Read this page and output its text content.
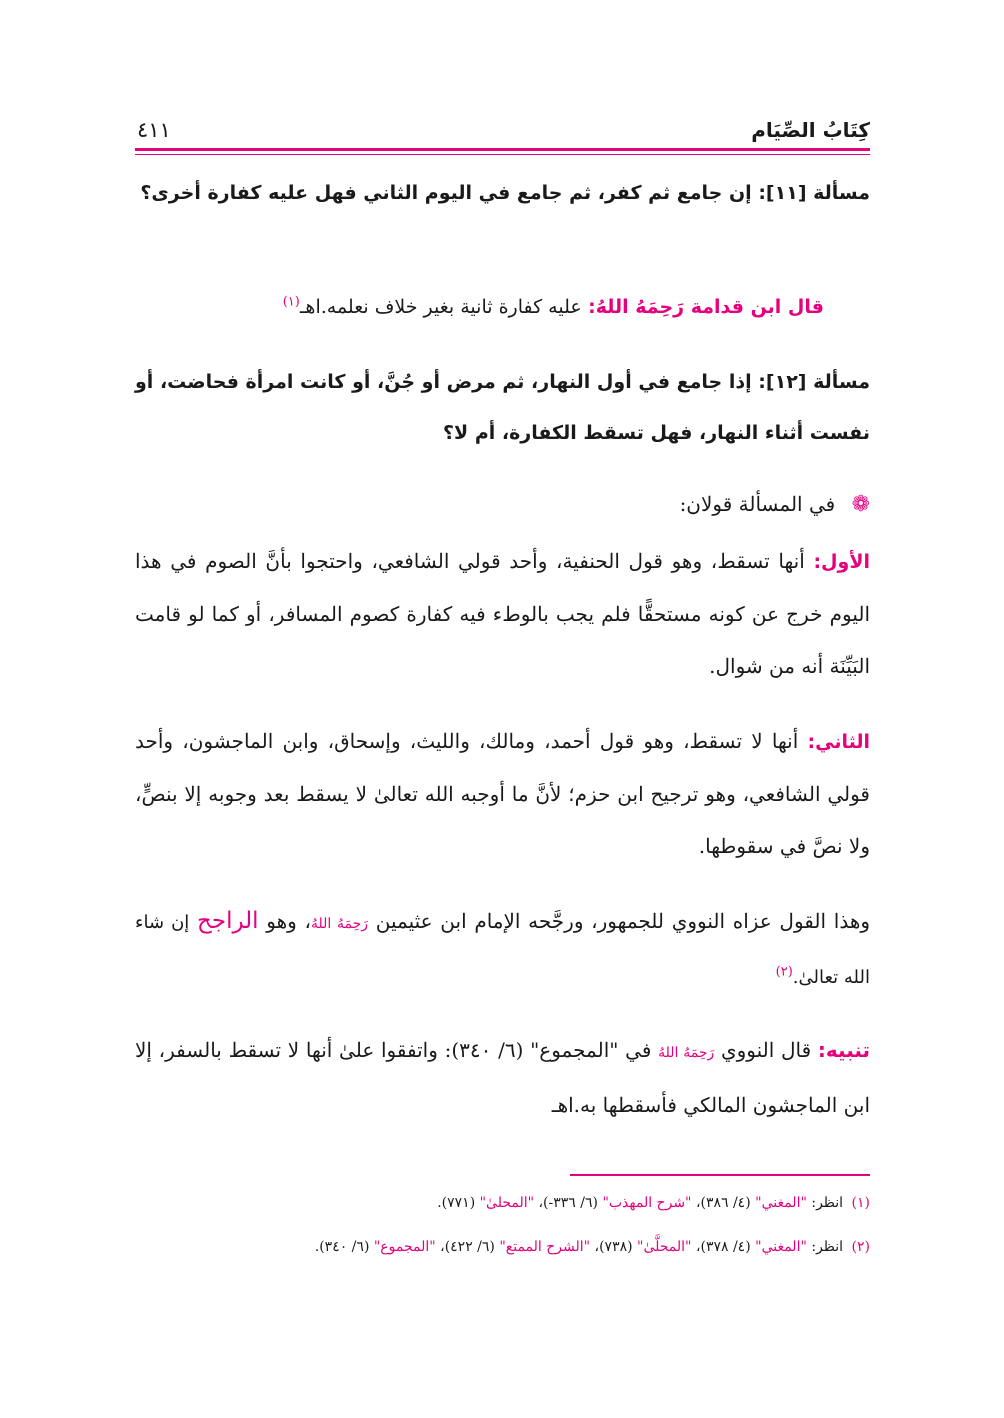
كِتَابُ الصِّيَام
٤١١
مسألة [١١]: إن جامع ثم كفر، ثم جامع في اليوم الثاني فهل عليه كفارة أخرى؟
قال ابن قدامة رَحِمَهُ اللهُ: عليه كفارة ثانية بغير خلاف نعلمه.اهـ$^{(١)}$
مسألة [١٢]: إذا جامع في أول النهار، ثم مرض أو جُنَّ، أو كانت امرأة فحاضت، أو نفست أثناء النهار، فهل تسقط الكفارة، أم لا؟
❁ في المسألة قولان:
الأول: أنها تسقط، وهو قول الحنفية، وأحد قولي الشافعي، واحتجوا بأنَّ الصوم في هذا اليوم خرج عن كونه مستحقًّا فلم يجب بالوطء فيه كفارة كصوم المسافر، أو كما لو قامت البَيِّنَة أنه من شوال.
الثاني: أنها لا تسقط، وهو قول أحمد، ومالك، والليث، وإسحاق، وابن الماجشون، وأحد قولي الشافعي، وهو ترجيح ابن حزم؛ لأنَّ ما أوجبه الله تعالىٰ لا يسقط بعد وجوبه إلا بنصٍّ، ولا نصَّ في سقوطها.
وهذا القول عزاه النووي للجمهور، ورجَّحه الإمام ابن عثيمين رَحِمَهُ اللهُ، وهو الراجح إن شاء الله تعالىٰ.$^{(٢)}$
تنبيه: قال النووي رَحِمَهُ اللهُ في "المجموع" (٦/ ٣٤٠): واتفقوا علىٰ أنها لا تسقط بالسفر، إلا ابن الماجشون المالكي فأسقطها به.اهـ
(١) انظر: "المغني" (٤/ ٣٨٦)، "شرح المهذب" (٦/ ٣٣٦-)، "المحلىٰ" (٧٧١).
(٢) انظر: "المغني" (٤/ ٣٧٨)، "المحلَّىٰ" (٧٣٨)، "الشرح الممتع" (٦/ ٤٢٢)، "المجموع" (٦/ ٣٤٠).
